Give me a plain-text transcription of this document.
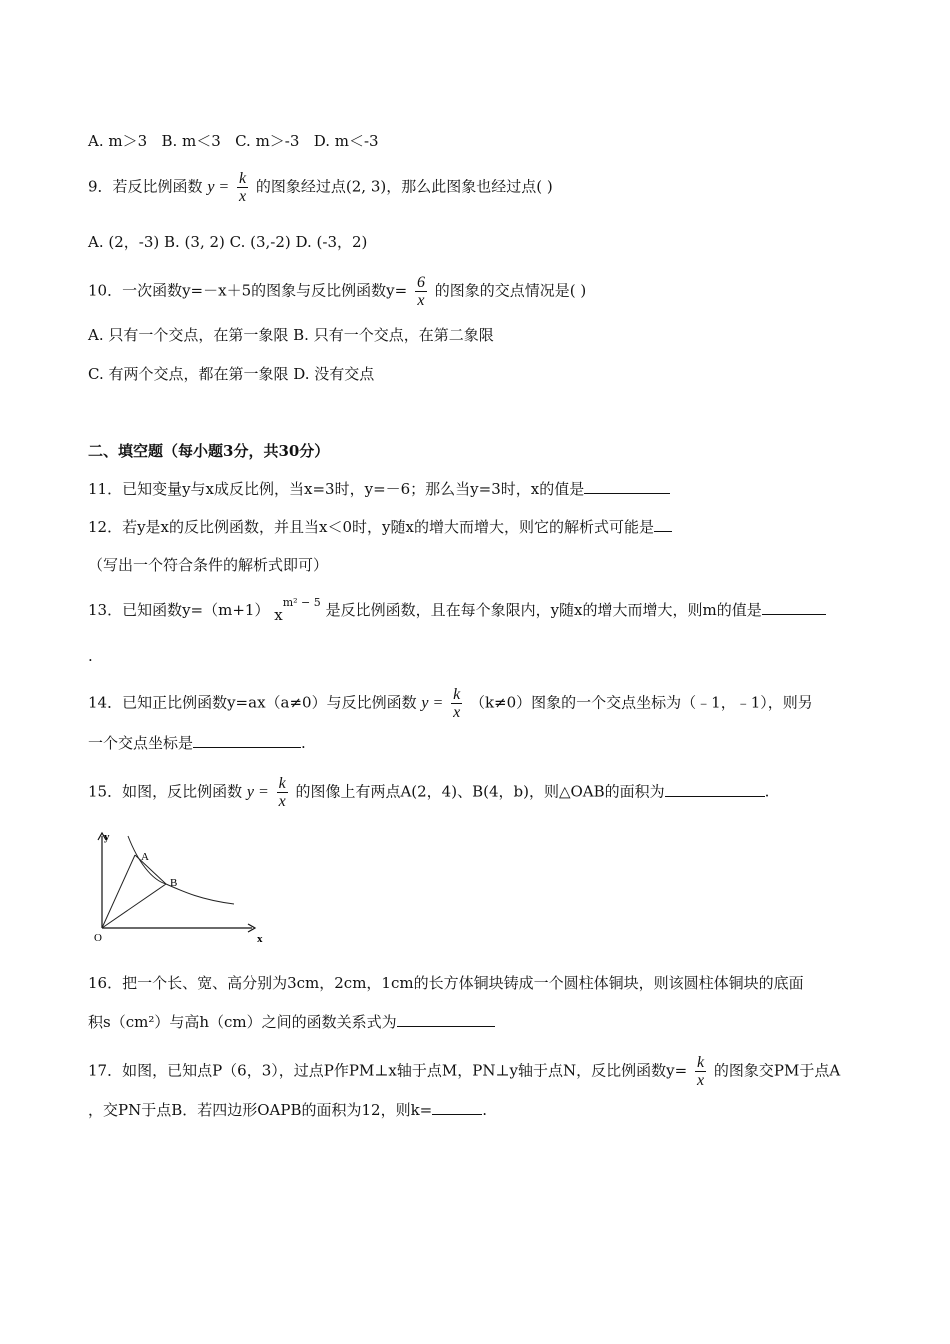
A. m＞3 B. m＜3 C. m＞-3 D. m＜-3
9．若反比例函数 $y = \frac{k}{x}$ 的图象经过点(2, 3)，那么此图象也经过点( )
A. (2，-3) B. (3, 2) C. (3,-2) D. (-3，2)
10．一次函数y=－x＋5的图象与反比例函数$y= \frac{6}{x}$ 的图象的交点情况是( )
A. 只有一个交点，在第一象限 B. 只有一个交点，在第二象限
C. 有两个交点，都在第一象限 D. 没有交点
二、填空题（每小题3分，共30分）
11．已知变量y与x成反比例，当x=3时，y=－6；那么当y=3时，x的值是
12．若y是x的反比例函数，并且当x＜0时，y随x的增大而增大，则它的解析式可能是
（写出一个符合条件的解析式即可）
13．已知函数y=（m+1） $x^{m^2 - 5}$ 是反比例函数，且在每个象限内，y随x的增大而增大，则m的值是
.
14．已知正比例函数y=ax（a≠0）与反比例函数 $y = \frac{k}{x} (k\ne 0)$图象的一个交点坐标为（﹣1，﹣1），则另
一个交点坐标是	.
15．如图，反比例函数 $y = \frac{k}{x}$ 的图像上有两点A(2，4)、B(4，b)，则△OAB的面积为	.
y
x
O
A
B
16．把一个长、宽、高分别为3cm，2cm，1cm的长方体铜块铸成一个圆柱体铜块，则该圆柱体铜块的底面
积s（cm²）与高h（cm）之间的函数关系式为
17．如图，已知点P（6，3），过点P作PM⊥x轴于点M，PN⊥y轴于点N，反比例函数$y= \frac{k}{x}$ 的图象交PM于点A
，交PN于点B．若四边形OAPB的面积为12，则k=	.
